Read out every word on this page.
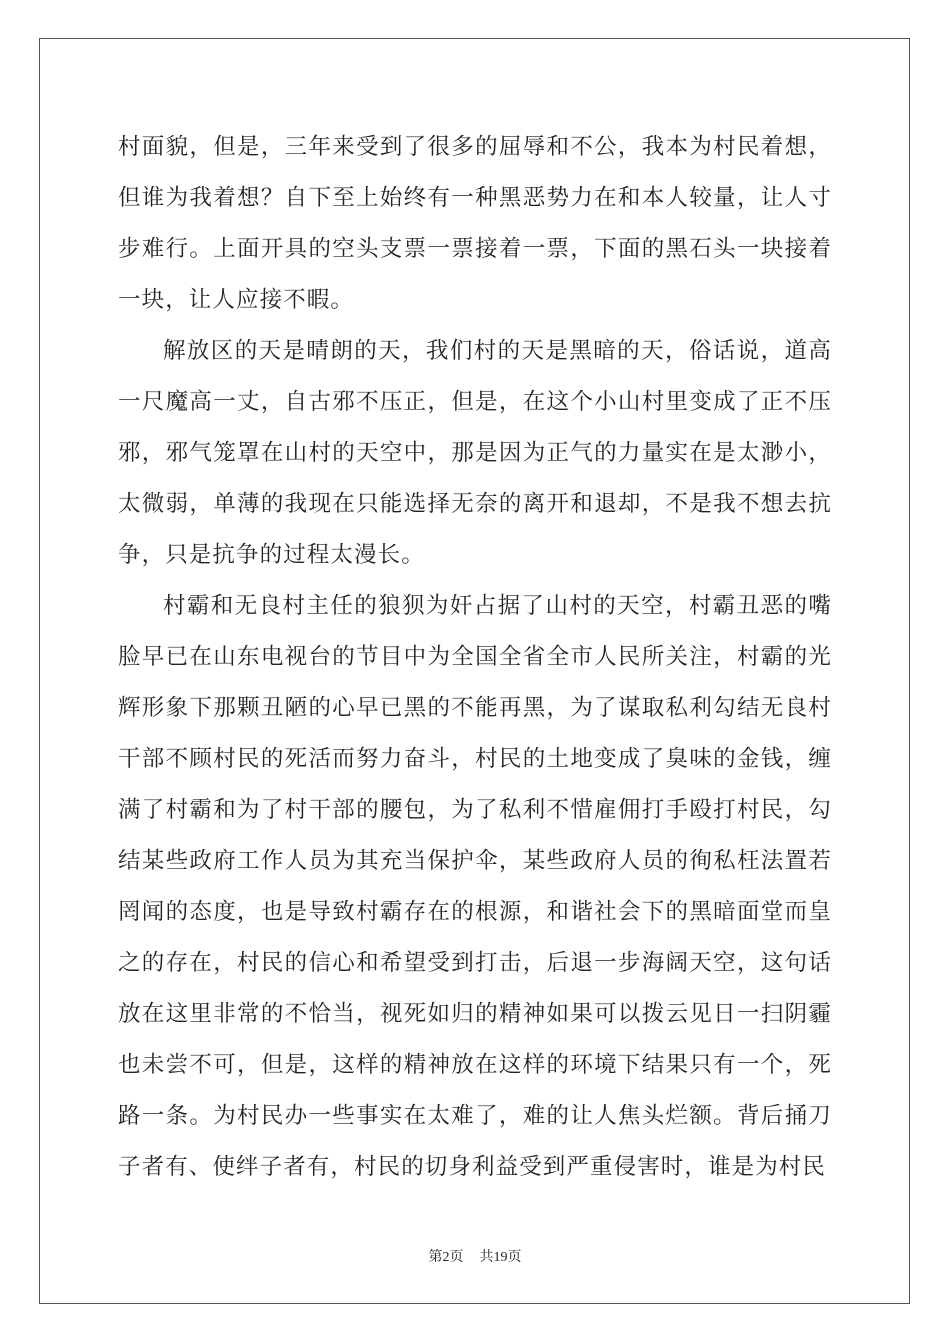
村面貌，但是，三年来受到了很多的屈辱和不公，我本为村民着想，但谁为我着想？自下至上始终有一种黑恶势力在和本人较量，让人寸步难行。上面开具的空头支票一票接着一票，下面的黑石头一块接着一块，让人应接不暇。

解放区的天是晴朗的天，我们村的天是黑暗的天，俗话说，道高一尺魔高一丈，自古邪不压正，但是，在这个小山村里变成了正不压邪，邪气笼罩在山村的天空中，那是因为正气的力量实在是太渺小，太微弱，单薄的我现在只能选择无奈的离开和退却，不是我不想去抗争，只是抗争的过程太漫长。

村霸和无良村主任的狼狈为奸占据了山村的天空，村霸丑恶的嘴脸早已在山东电视台的节目中为全国全省全市人民所关注，村霸的光辉形象下那颗丑陋的心早已黑的不能再黑，为了谋取私利勾结无良村干部不顾村民的死活而努力奋斗，村民的土地变成了臭味的金钱，缠满了村霸和为了村干部的腰包，为了私利不惜雇佣打手殴打村民，勾结某些政府工作人员为其充当保护伞，某些政府人员的徇私枉法置若罔闻的态度，也是导致村霸存在的根源，和谐社会下的黑暗面堂而皇之的存在，村民的信心和希望受到打击，后退一步海阔天空，这句话放在这里非常的不恰当，视死如归的精神如果可以拨云见日一扫阴霾也未尝不可，但是，这样的精神放在这样的环境下结果只有一个，死路一条。为村民办一些事实在太难了，难的让人焦头烂额。背后捅刀子者有、使绊子者有，村民的切身利益受到严重侵害时，谁是为村民

第2页 共19页
